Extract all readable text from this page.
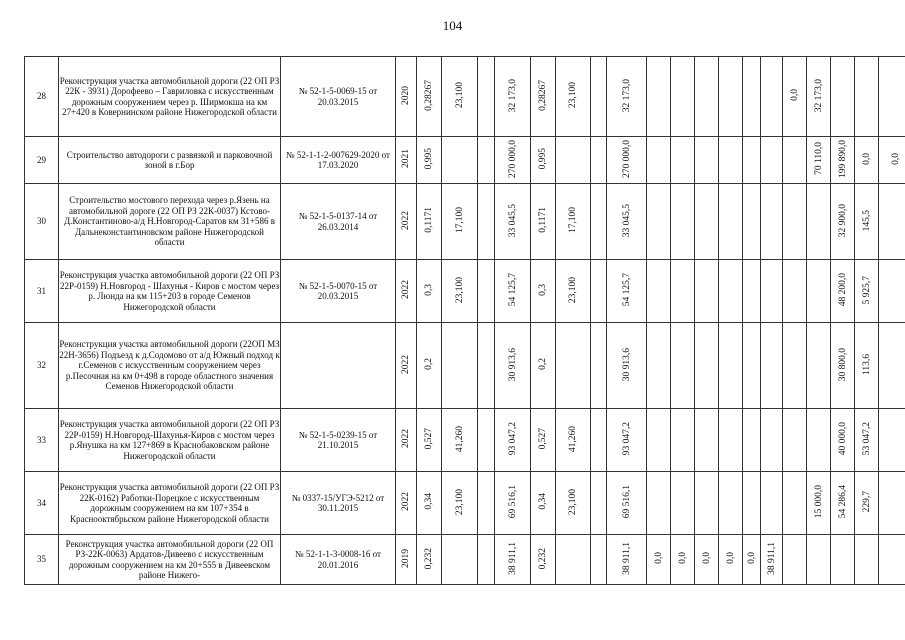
104
28	Реконструкция участка автомобильной дороги (22 ОП РЗ 22К - 3931) Дорофеево – Гавриловка с искусственным дорожным сооружением через р. Ширмокша на км 27+420 в Ковернинском районе Нижегородской области	№ 52-1-5-0069-15 от 20.03.2015	2020	0,28267	23,100		32 173,0	0,28267	23,100		32 173,0							0,0	32 173,0					
29	Строительство автодороги с развязкой и парковочной зоной в г.Бор	№ 52-1-1-2-007629-2020 от 17.03.2020	2021	0,995			270 000,0	0,995			270 000,0								70 110,0	199 890,0	0,0	0,0		
30	Строительство мостового перехода через р.Язень на автомобильной дороге (22 ОП РЗ 22К-0037) Кстово-Д.Константиново-а/д Н.Новгород-Саратов км 31+586 в Дальнеконстантиновском районе Нижегородской области	№ 52-1-5-0137-14 от 26.03.2014	2022	0,1171	17,100		33 045,5	0,1171	17,100		33 045,5									32 900,0	145,5			
31	Реконструкция участка автомобильной дороги (22 ОП РЗ 22Р-0159) Н.Новгород - Шахунья - Киров с мостом через р. Люнда на км 115+203 в городе Семенов Нижегородской области	№ 52-1-5-0070-15 от 20.03.2015	2022	0,3	23,100		54 125,7	0,3	23,100		54 125,7									48 200,0	5 925,7			
32	Реконструкция участка автомобильной дороги (22ОП МЗ 22Н-3656) Подъезд к д.Содомово от а/д Южный подход к г.Семенов с искусственным сооружением через р.Песочная на км 0+498 в городе областного значения Семенов Нижегородской области		2022	0,2			30 913,6	0,2			30 913,6									30 800,0	113,6			
33	Реконструкция участка автомобильной дороги (22 ОП РЗ 22Р-0159) Н.Новгород-Шахунья-Киров с мостом через р.Янушка на км 127+869 в Краснобаковском районе Нижегородской области	№ 52-1-5-0239-15 от 21.10.2015	2022	0,527	41,260		93 047,2	0,527	41,260		93 047,2									40 000,0	53 047,2			
34	Реконструкция участка автомобильной дороги (22 ОП РЗ 22К-0162) Работки-Порецкое с искусственным дорожным сооружением на км 107+354 в Краснооктябрьском районе Нижегородской области	№ 0337-15/УГЭ-5212 от 30.11.2015	2022	0,34	23,100		69 516,1	0,34	23,100		69 516,1								15 000,0	54 286,4	229,7			
35	Реконструкция участка автомобильной дороги (22 ОП РЗ-22К-0063) Ардатов-Дивеево с искусственным дорожным сооружением на км 20+555 в Дивеевском районе Нижего-	№ 52-1-1-3-0008-16 от 20.01.2016	2019	0,232			38 911,1	0,232			38 911,1	0,0	0,0	0,0	0,0	0,0	38 911,1							
